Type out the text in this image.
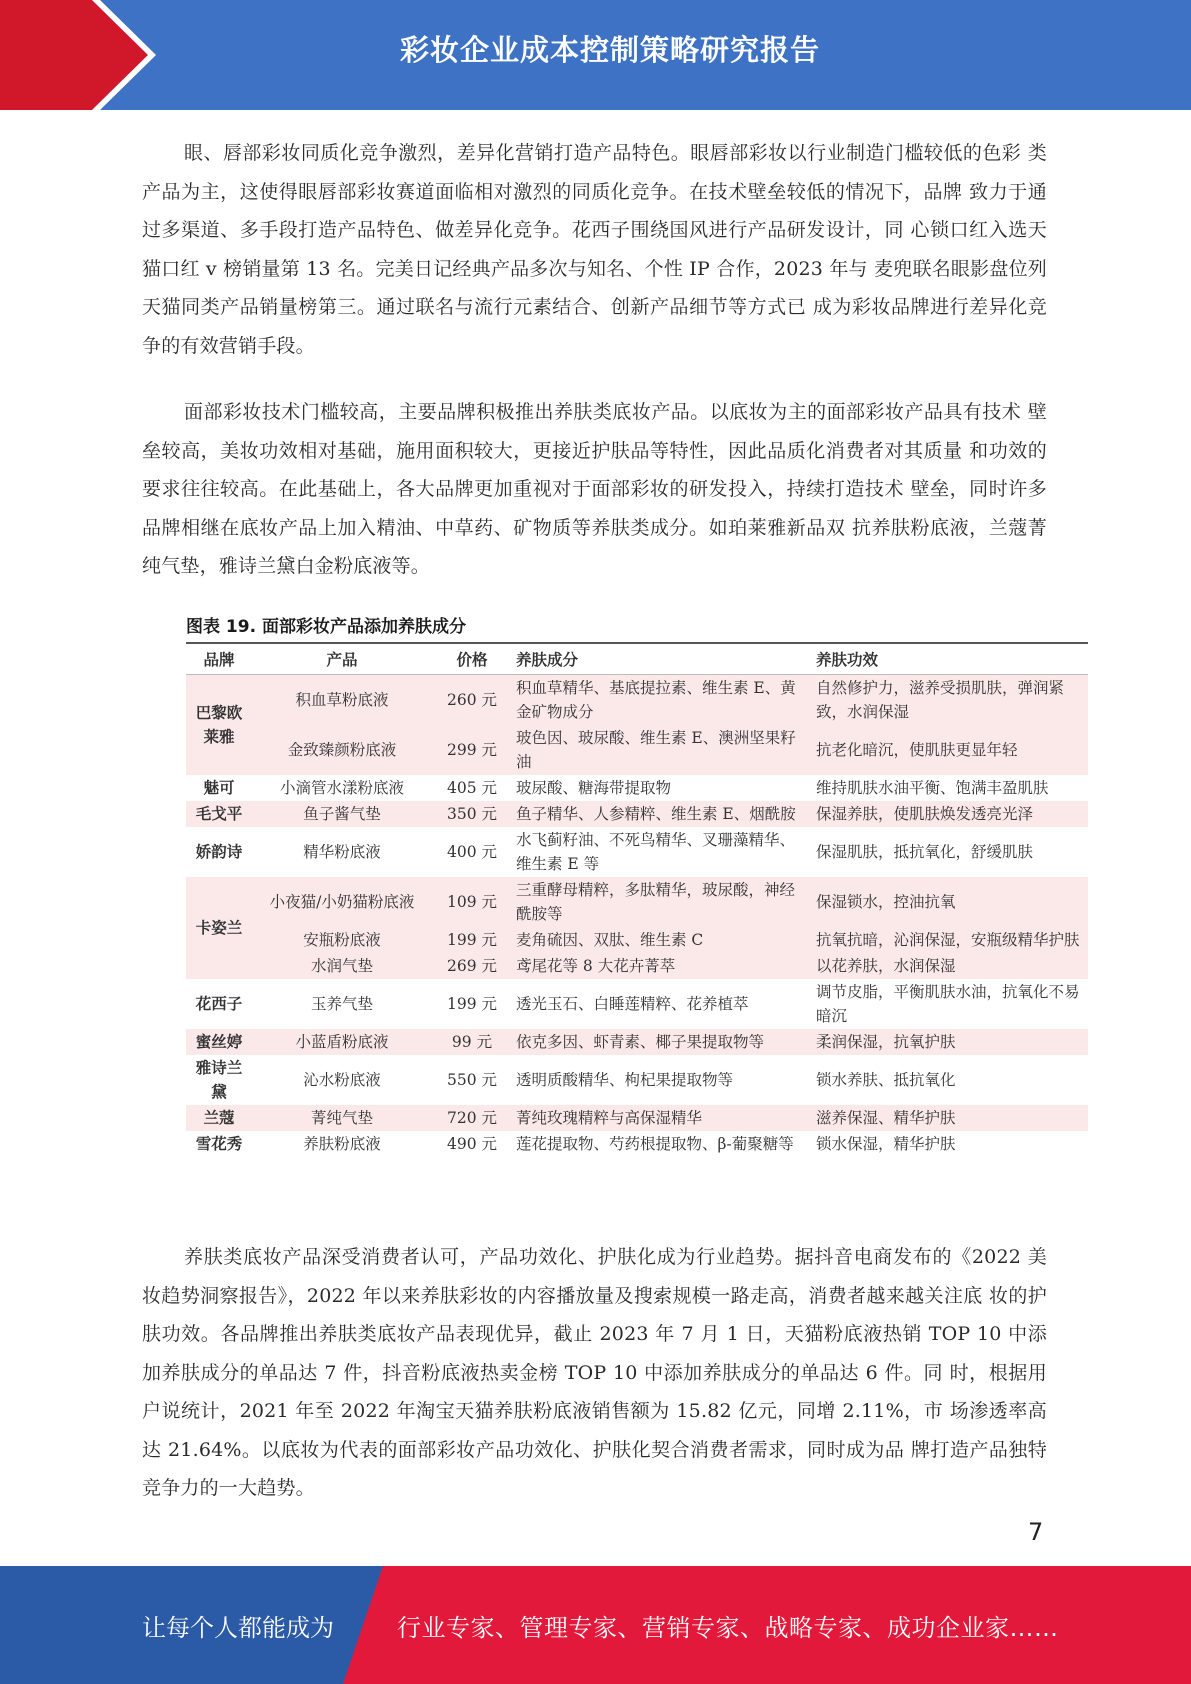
彩妆企业成本控制策略研究报告
眼、唇部彩妆同质化竞争激烈，差异化营销打造产品特色。眼唇部彩妆以行业制造门槛较低的色彩 类产品为主，这使得眼唇部彩妆赛道面临相对激烈的同质化竞争。在技术壁垒较低的情况下，品牌 致力于通过多渠道、多手段打造产品特色、做差异化竞争。花西子围绕国风进行产品研发设计，同 心锁口红入选天猫口红 v 榜销量第 13 名。完美日记经典产品多次与知名、个性 IP 合作，2023 年与 麦兜联名眼影盘位列天猫同类产品销量榜第三。通过联名与流行元素结合、创新产品细节等方式已 成为彩妆品牌进行差异化竞争的有效营销手段。
面部彩妆技术门槛较高，主要品牌积极推出养肤类底妆产品。以底妆为主的面部彩妆产品具有技术 壁垒较高，美妆功效相对基础，施用面积较大，更接近护肤品等特性，因此品质化消费者对其质量 和功效的要求往往较高。在此基础上，各大品牌更加重视对于面部彩妆的研发投入，持续打造技术 壁垒，同时许多品牌相继在底妆产品上加入精油、中草药、矿物质等养肤类成分。如珀莱雅新品双 抗养肤粉底液，兰蔻菁纯气垫，雅诗兰黛白金粉底液等。
图表 19. 面部彩妆产品添加养肤成分
品牌	产品	价格	养肤成分	养肤功效
巴黎欧莱雅	积血草粉底液	260 元	积血草精华、基底提拉素、维生素 E、黄金矿物成分	自然修护力，滋养受损肌肤，弹润紧致，水润保湿
	金致臻颜粉底液	299 元	玻色因、玻尿酸、维生素 E、澳洲坚果籽油	抗老化暗沉，使肌肤更显年轻
魅可	小滴管水漾粉底液	405 元	玻尿酸、糖海带提取物	维持肌肤水油平衡、饱满丰盈肌肤
毛戈平	鱼子酱气垫	350 元	鱼子精华、人参精粹、维生素 E、烟酰胺	保湿养肤，使肌肤焕发透亮光泽
娇韵诗	精华粉底液	400 元	水飞蓟籽油、不死鸟精华、叉珊藻精华、维生素 E 等	保湿肌肤，抵抗氧化，舒缓肌肤
卡姿兰	小夜猫/小奶猫粉底液	109 元	三重酵母精粹，多肽精华，玻尿酸，神经酰胺等	保湿锁水，控油抗氧
	安瓶粉底液	199 元	麦角硫因、双肽、维生素 C	抗氧抗暗，沁润保湿，安瓶级精华护肤
	水润气垫	269 元	鸢尾花等 8 大花卉菁萃	以花养肤，水润保湿
花西子	玉养气垫	199 元	透光玉石、白睡莲精粹、花养植萃	调节皮脂，平衡肌肤水油，抗氧化不易暗沉
蜜丝婷	小蓝盾粉底液	99 元	依克多因、虾青素、椰子果提取物等	柔润保湿，抗氧护肤
雅诗兰黛	沁水粉底液	550 元	透明质酸精华、枸杞果提取物等	锁水养肤、抵抗氧化
兰蔻	菁纯气垫	720 元	菁纯玫瑰精粹与高保湿精华	滋养保湿、精华护肤
雪花秀	养肤粉底液	490 元	莲花提取物、芍药根提取物、β-葡聚糖等	锁水保湿，精华护肤
养肤类底妆产品深受消费者认可，产品功效化、护肤化成为行业趋势。据抖音电商发布的《2022 美 妆趋势洞察报告》，2022 年以来养肤彩妆的内容播放量及搜索规模一路走高，消费者越来越关注底 妆的护肤功效。各品牌推出养肤类底妆产品表现优异，截止 2023 年 7 月 1 日，天猫粉底液热销 TOP 10 中添加养肤成分的单品达 7 件，抖音粉底液热卖金榜 TOP 10 中添加养肤成分的单品达 6 件。同 时，根据用户说统计，2021 年至 2022 年淘宝天猫养肤粉底液销售额为 15.82 亿元，同增 2.11%，市 场渗透率高达 21.64%。以底妆为代表的面部彩妆产品功效化、护肤化契合消费者需求，同时成为品 牌打造产品独特竞争力的一大趋势。
7
让每个人都能成为	行业专家、管理专家、营销专家、战略专家、成功企业家……
